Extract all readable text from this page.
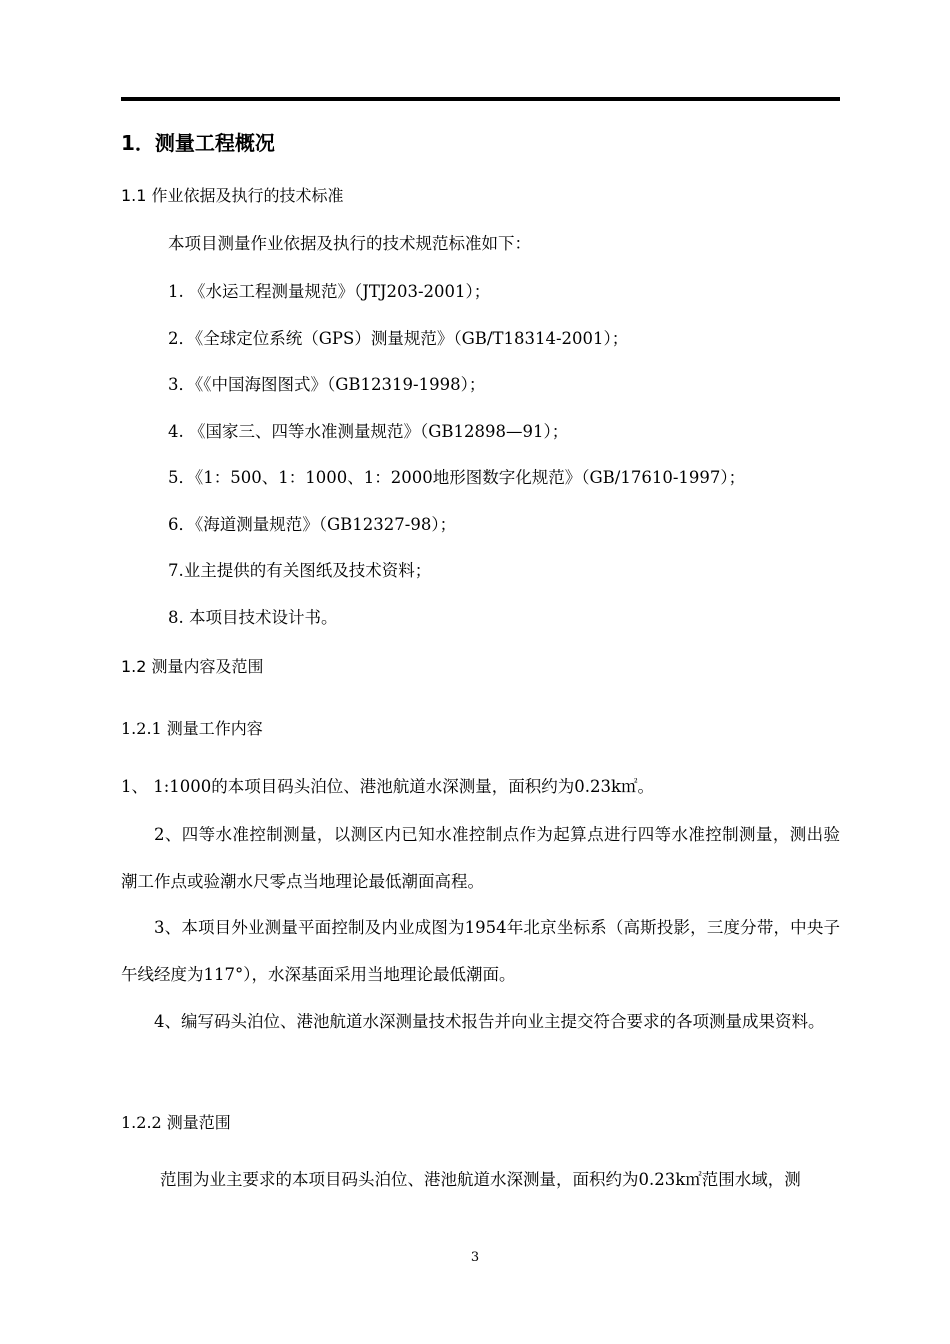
1．测量工程概况
1.1 作业依据及执行的技术标准
本项目测量作业依据及执行的技术规范标准如下：
1. 《水运工程测量规范》（JTJ203-2001）；
2．《全球定位系统（GPS）测量规范》（GB/T18314-2001）；
3．《《中国海图图式》（GB12319-1998）；
4. 《国家三、四等水准测量规范》（GB12898—91）；
5．《1：500、1：1000、1：2000地形图数字化规范》（GB/17610-1997）；
6．《海道测量规范》（GB12327-98）；
7.业主提供的有关图纸及技术资料；
8. 本项目技术设计书。
1.2 测量内容及范围
1.2.1 测量工作内容
1、 1:1000的本项目码头泊位、港池航道水深测量，面积约为0.23k㎡。
2、四等水准控制测量，以测区内已知水准控制点作为起算点进行四等水准控制测量，测出验潮工作点或验潮水尺零点当地理论最低潮面高程。
3、本项目外业测量平面控制及内业成图为1954年北京坐标系（高斯投影，三度分带，中央子午线经度为117°），水深基面采用当地理论最低潮面。
4、编写码头泊位、港池航道水深测量技术报告并向业主提交符合要求的各项测量成果资料。
1.2.2 测量范围
范围为业主要求的本项目码头泊位、港池航道水深测量，面积约为0.23k㎡范围水域，测
3
